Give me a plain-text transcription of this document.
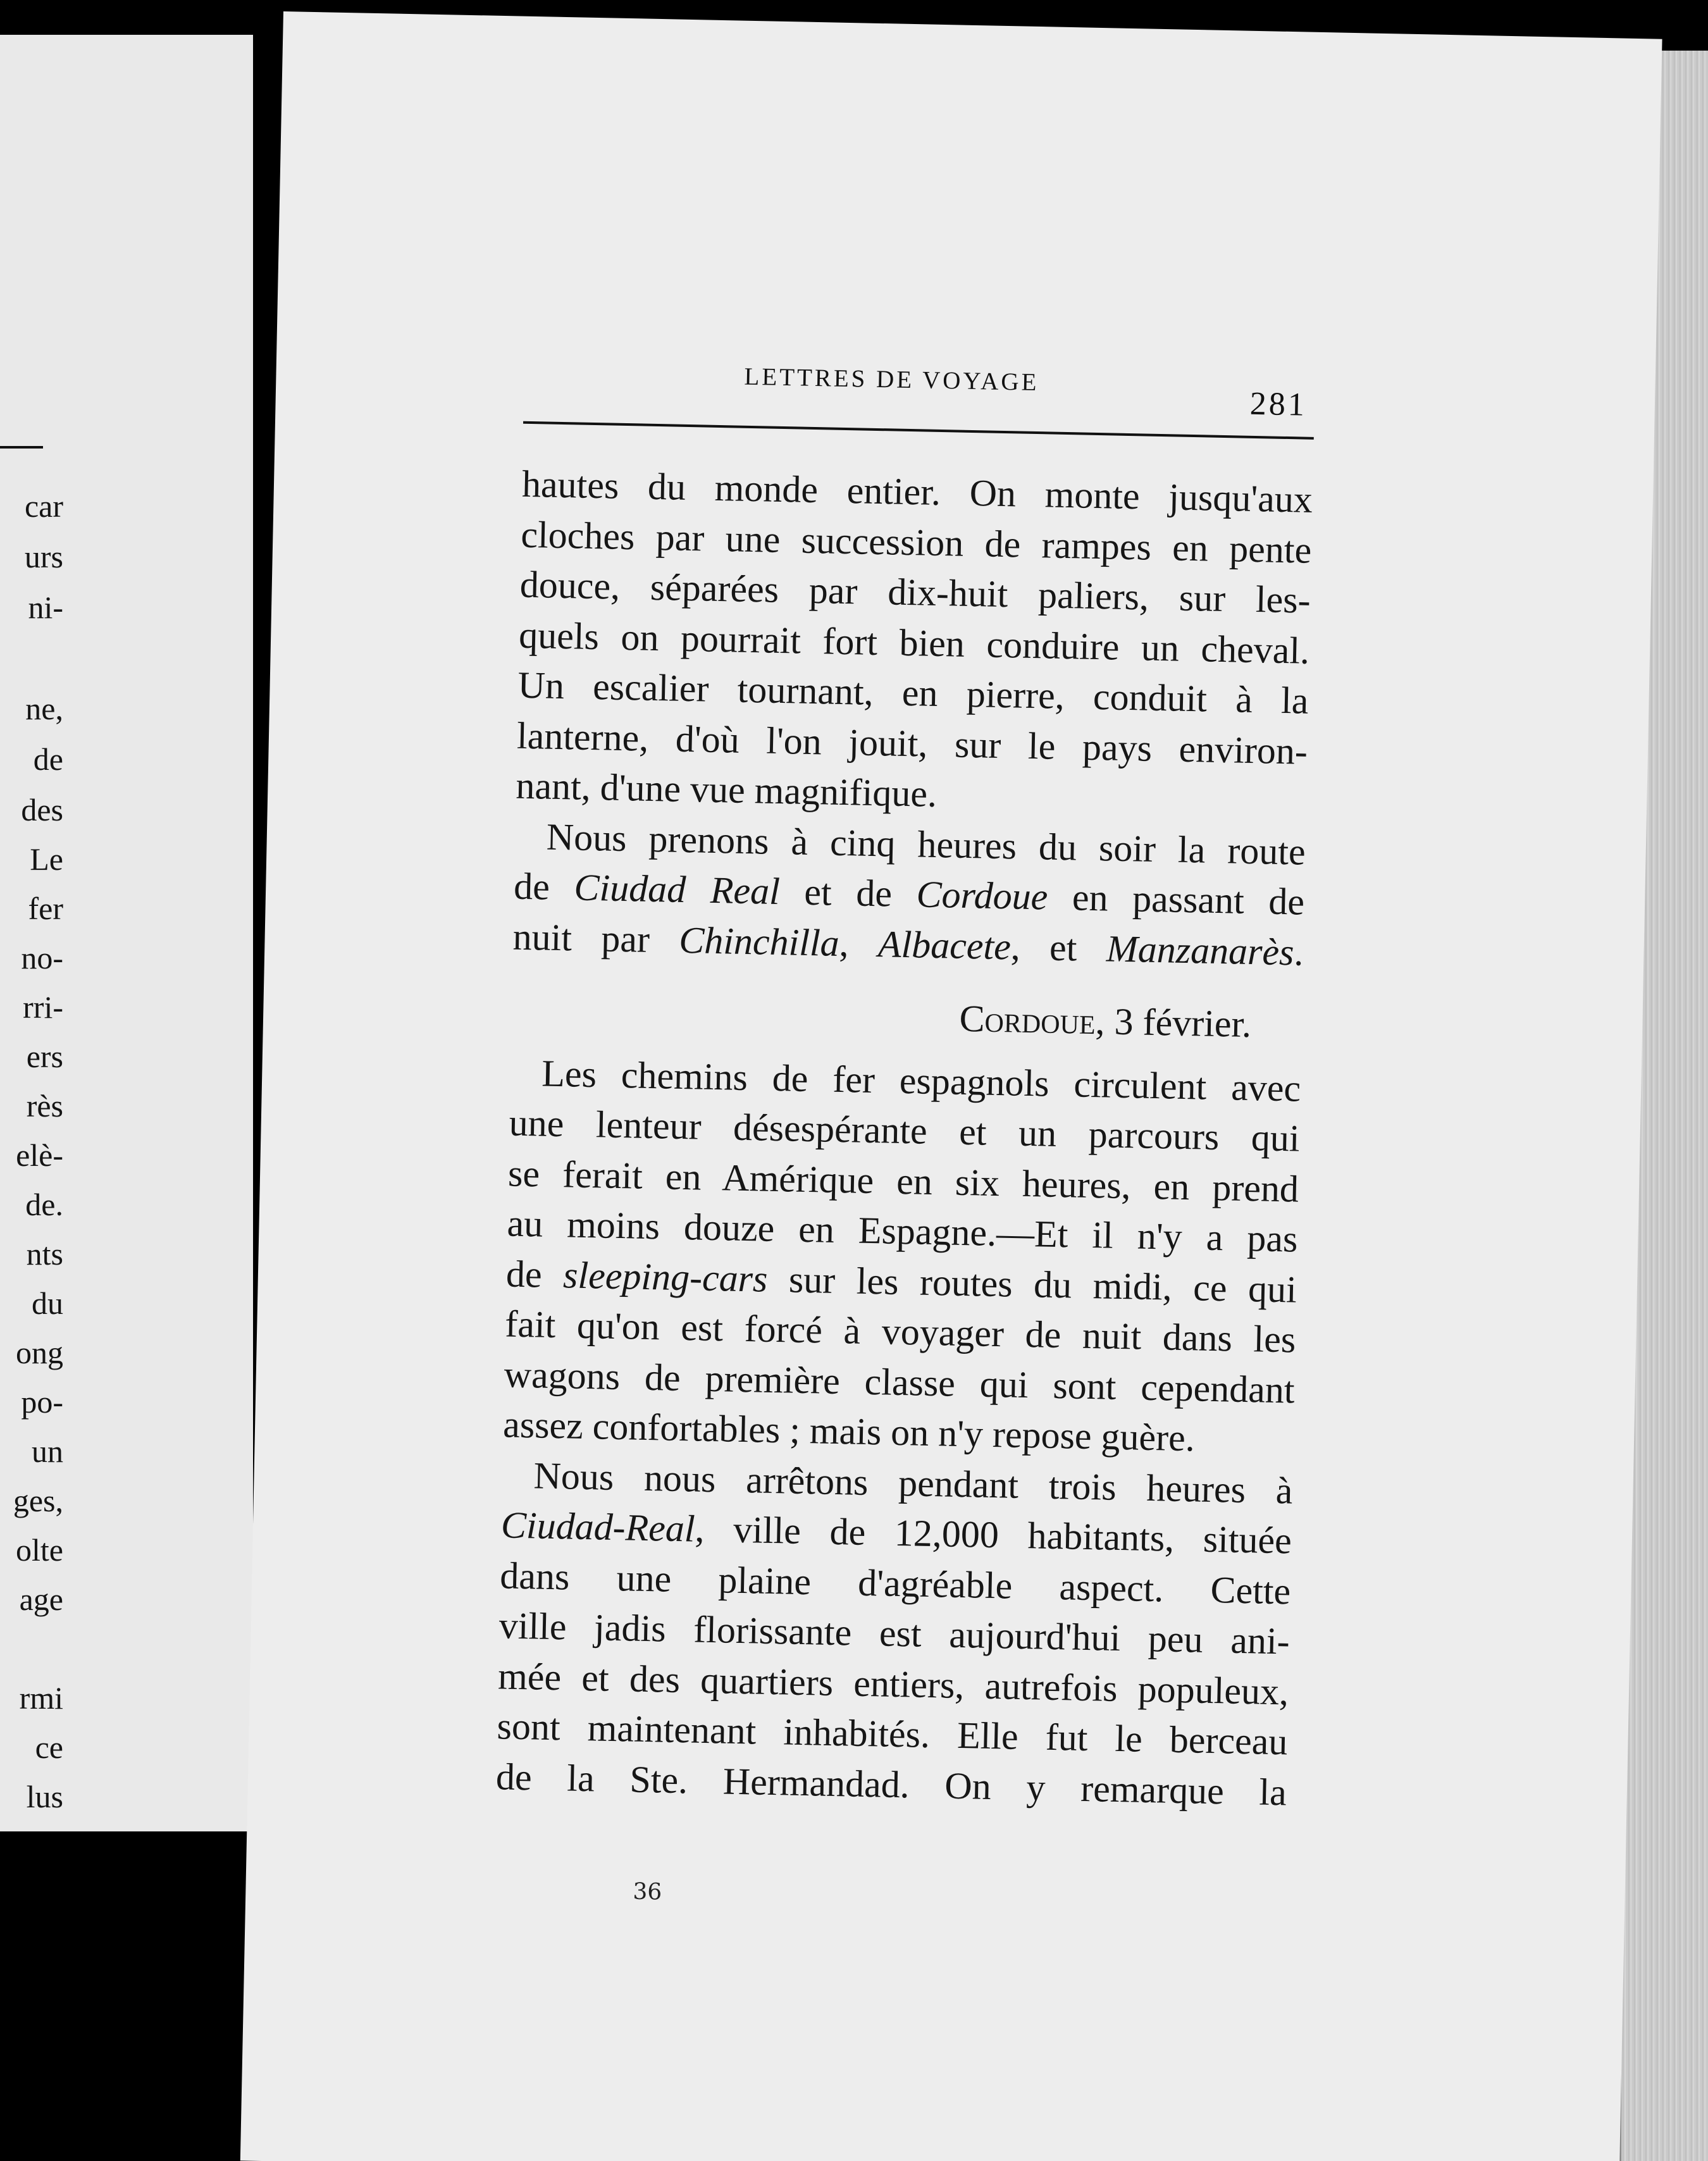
car
urs
ni-
ne,
de
des
Le
fer
no-
rri-
ers
rès
elè-
de.
nts
du
ong
po-
un
ges,
olte
age
rmi
ce
lus
LETTRES DE VOYAGE
281
hautes du monde entier. On monte jusqu'aux
cloches par une succession de rampes en pente
douce, séparées par dix-huit paliers, sur les-
quels on pourrait fort bien conduire un cheval.
Un escalier tournant, en pierre, conduit à la
lanterne, d'où l'on jouit, sur le pays environ-
nant, d'une vue magnifique.
Nous prenons à cinq heures du soir la route
de Ciudad Real et de Cordoue en passant de
nuit par Chinchilla, Albacete, et Manzanarès.
Cordoue, 3 février.
Les chemins de fer espagnols circulent avec
une lenteur désespérante et un parcours qui
se ferait en Amérique en six heures, en prend
au moins douze en Espagne.—Et il n'y a pas
de sleeping-cars sur les routes du midi, ce qui
fait qu'on est forcé à voyager de nuit dans les
wagons de première classe qui sont cependant
assez confortables ; mais on n'y repose guère.
Nous nous arrêtons pendant trois heures à
Ciudad-Real, ville de 12,000 habitants, située
dans une plaine d'agréable aspect. Cette
ville jadis florissante est aujourd'hui peu ani-
mée et des quartiers entiers, autrefois populeux,
sont maintenant inhabités. Elle fut le berceau
de la Ste. Hermandad. On y remarque la
36
